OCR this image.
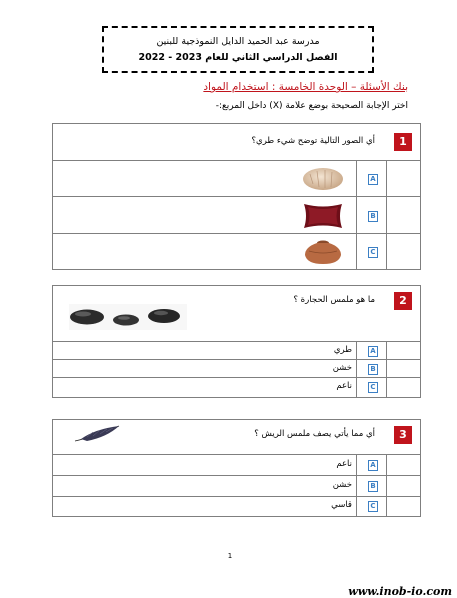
مدرسة عبد الحميد الدايل النموذجية للبنين
الفصل الدراسي الثاني للعام 2023 - 2022
بنك الأسئلة – الوحدة الخامسة : استخدام المواد
اختر الإجابة الصحيحة بوضع علامة (X) داخل المربع:-
1
أي الصور التالية توضح شيء طري؟
A
B
C
2
ما هو ملمس الحجارة ؟
A
طري
B
خشن
C
ناعم
3
أي مما يأتي يصف ملمس الريش ؟
A
ناعم
B
خشن
C
قاسي
1
www.inob-io.com
